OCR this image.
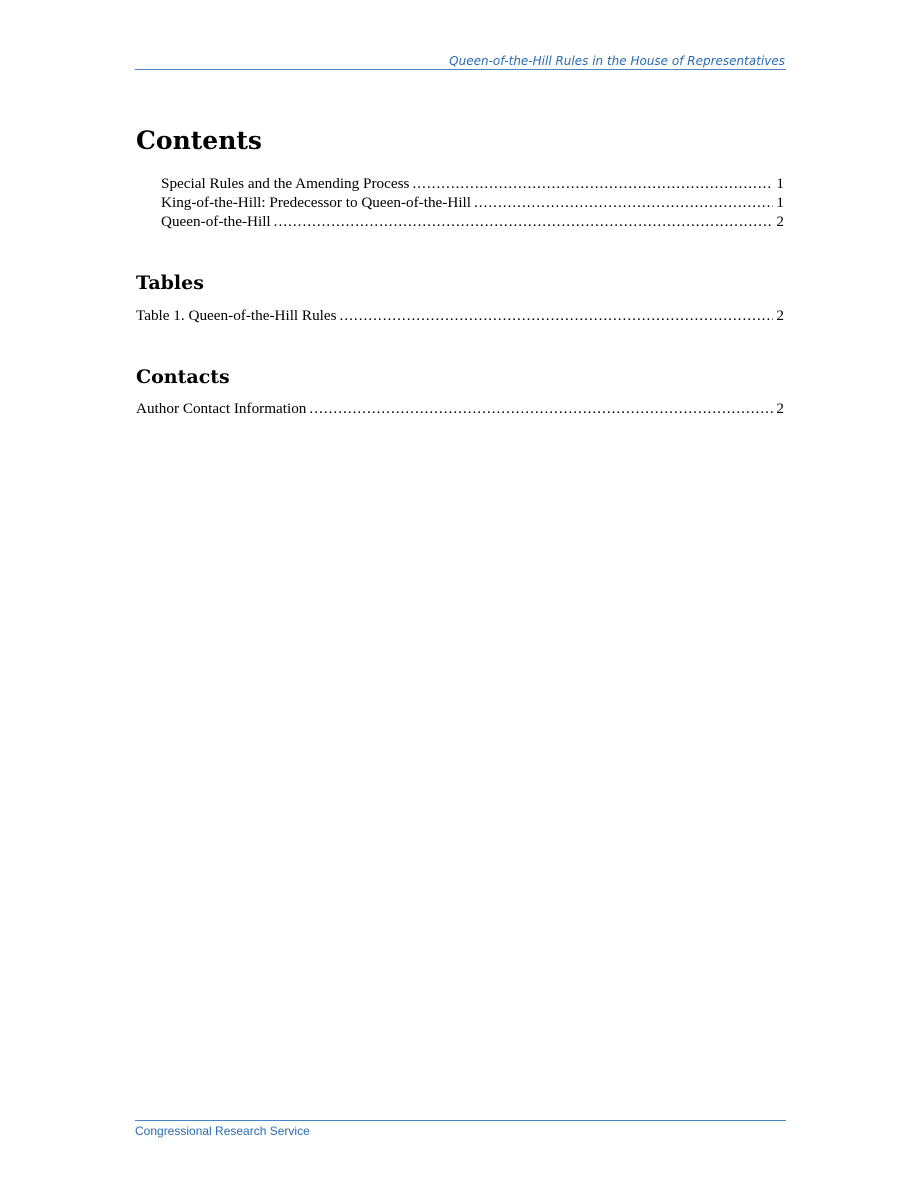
Queen-of-the-Hill Rules in the House of Representatives
Contents
Special Rules and the Amending Process .....	1
King-of-the-Hill: Predecessor to Queen-of-the-Hill .....	1
Queen-of-the-Hill .....	2
Tables
Table 1. Queen-of-the-Hill Rules .....	2
Contacts
Author Contact Information .....	2
Congressional Research Service
